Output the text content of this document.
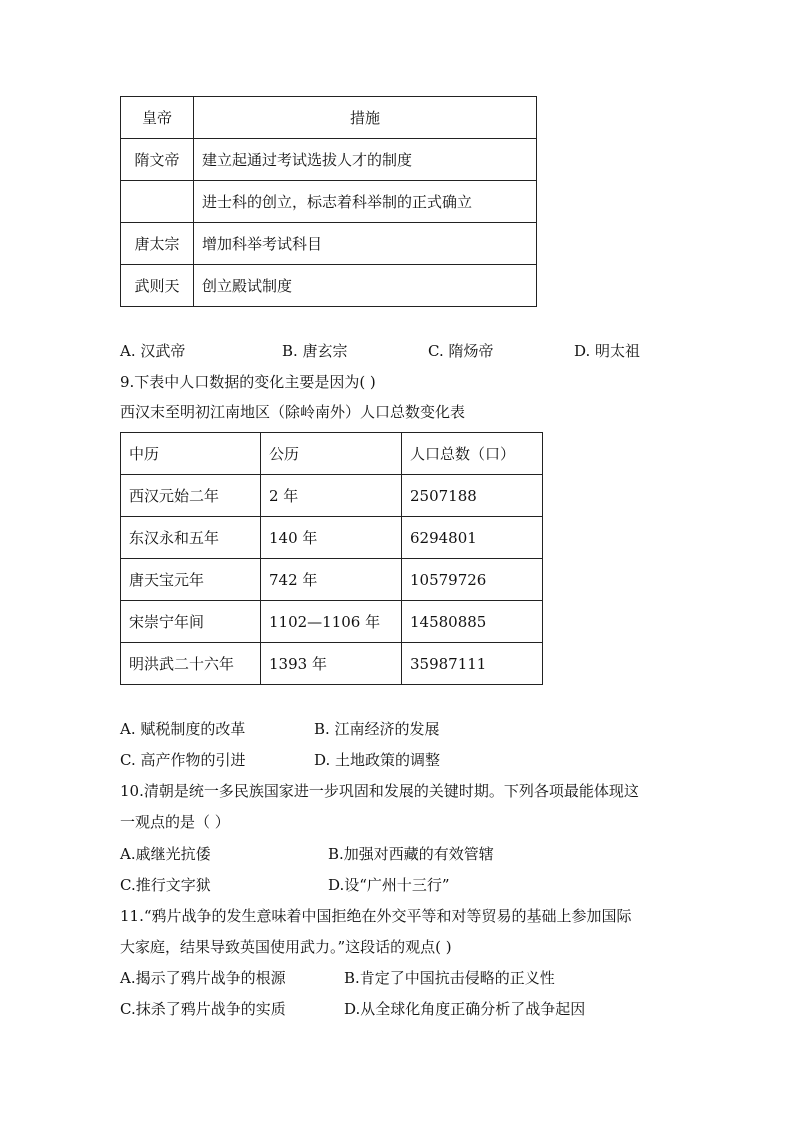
皇帝	措施
隋文帝	建立起通过考试选拔人才的制度
	进士科的创立，标志着科举制的正式确立
唐太宗	增加科举考试科目
武则天	创立殿试制度
A. 汉武帝	B. 唐玄宗	C. 隋炀帝	D. 明太祖
9.下表中人口数据的变化主要是因为( )
西汉末至明初江南地区（除岭南外）人口总数变化表
中历	公历	人口总数（口）
西汉元始二年	2 年	2507188
东汉永和五年	140 年	6294801
唐天宝元年	742 年	10579726
宋崇宁年间	1102—1106 年	14580885
明洪武二十六年	1393 年	35987111
A. 赋税制度的改革	B. 江南经济的发展
C. 高产作物的引进	D. 土地政策的调整
10.清朝是统一多民族国家进一步巩固和发展的关键时期。下列各项最能体现这
一观点的是（ ）
A.戚继光抗倭	B.加强对西藏的有效管辖
C.推行文字狱	D.设“广州十三行”
11.“鸦片战争的发生意味着中国拒绝在外交平等和对等贸易的基础上参加国际
大家庭，结果导致英国使用武力。”这段话的观点( )
A.揭示了鸦片战争的根源	B.肯定了中国抗击侵略的正义性
C.抹杀了鸦片战争的实质	D.从全球化角度正确分析了战争起因
